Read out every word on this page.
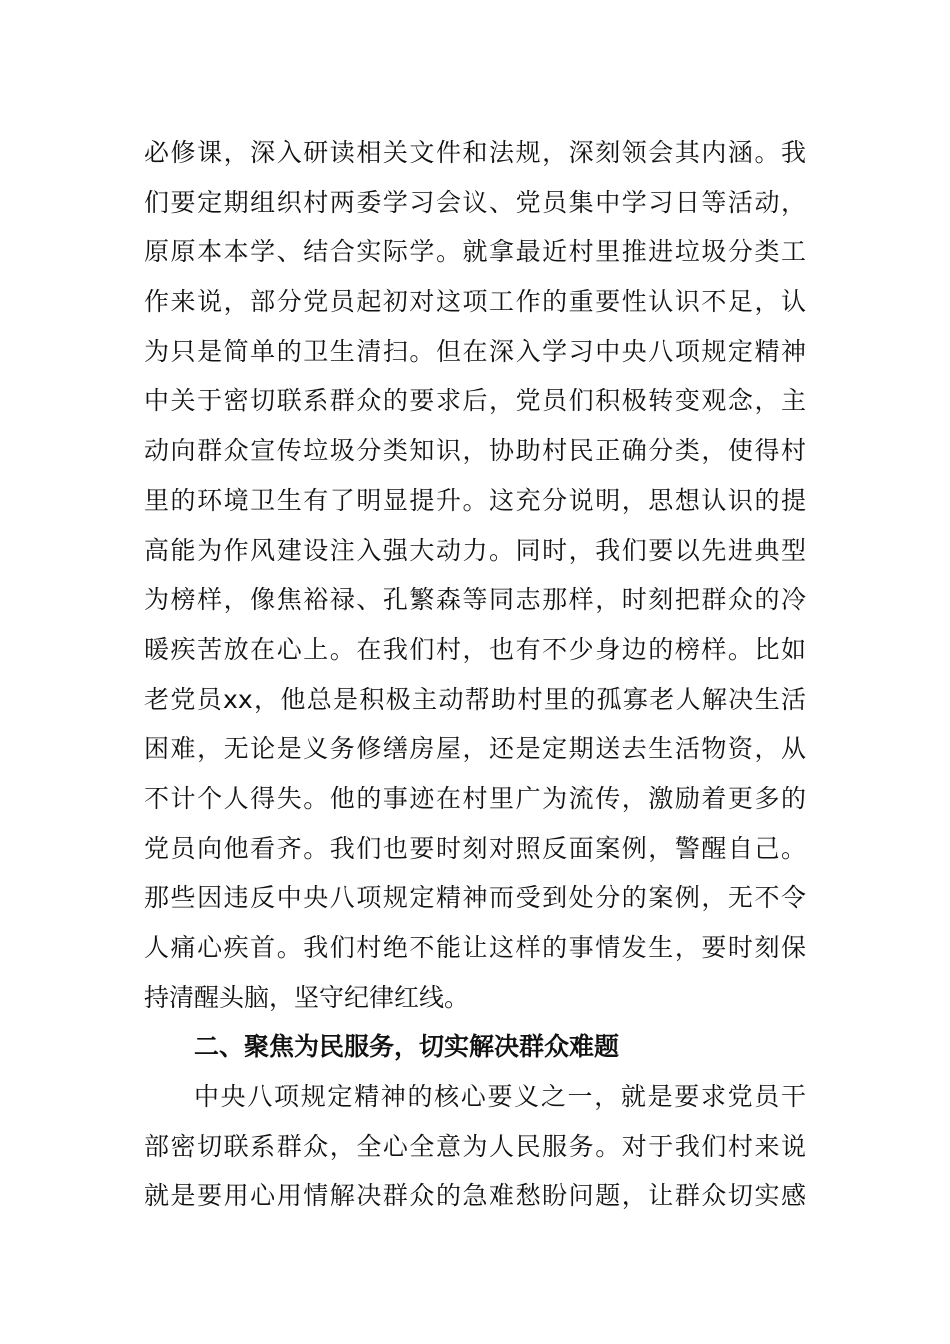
必修课，深入研读相关文件和法规，深刻领会其内涵。我
们要定期组织村两委学习会议、党员集中学习日等活动，
原原本本学、结合实际学。就拿最近村里推进垃圾分类工
作来说，部分党员起初对这项工作的重要性认识不足，认
为只是简单的卫生清扫。但在深入学习中央八项规定精神
中关于密切联系群众的要求后，党员们积极转变观念，主
动向群众宣传垃圾分类知识，协助村民正确分类，使得村
里的环境卫生有了明显提升。这充分说明，思想认识的提
高能为作风建设注入强大动力。同时，我们要以先进典型
为榜样，像焦裕禄、孔繁森等同志那样，时刻把群众的冷
暖疾苦放在心上。在我们村，也有不少身边的榜样。比如
老党员xx，他总是积极主动帮助村里的孤寡老人解决生活
困难，无论是义务修缮房屋，还是定期送去生活物资，从
不计个人得失。他的事迹在村里广为流传，激励着更多的
党员向他看齐。我们也要时刻对照反面案例，警醒自己。
那些因违反中央八项规定精神而受到处分的案例，无不令
人痛心疾首。我们村绝不能让这样的事情发生，要时刻保
持清醒头脑，坚守纪律红线。
二、聚焦为民服务，切实解决群众难题
中央八项规定精神的核心要义之一，就是要求党员干
部密切联系群众，全心全意为人民服务。对于我们村来说
就是要用心用情解决群众的急难愁盼问题，让群众切实感
